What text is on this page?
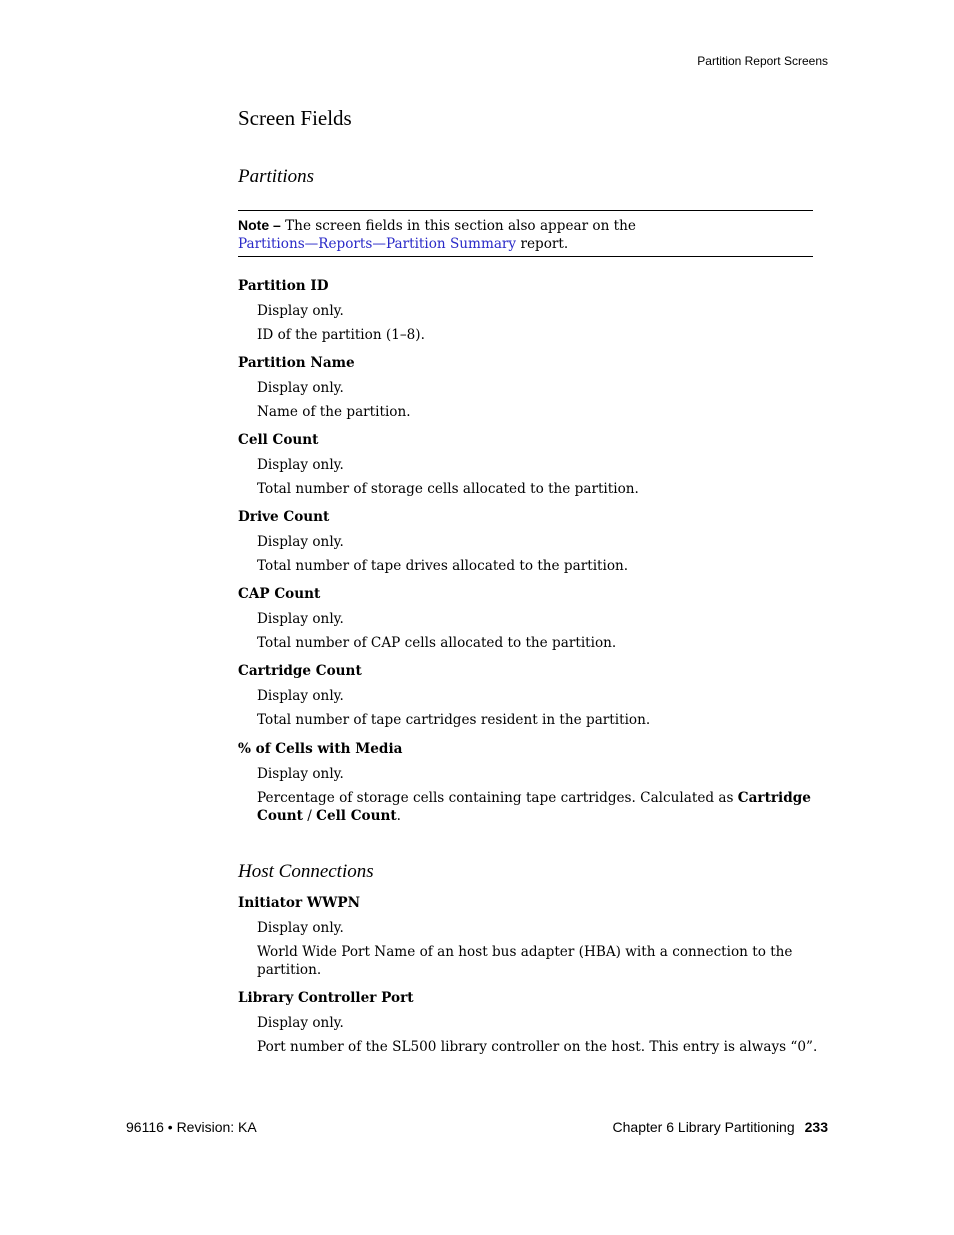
Partition Report Screens
Screen Fields
Partitions
Note – The screen fields in this section also appear on the
Partitions—Reports—Partition Summary report.
Partition ID
Display only.
ID of the partition (1–8).
Partition Name
Display only.
Name of the partition.
Cell Count
Display only.
Total number of storage cells allocated to the partition.
Drive Count
Display only.
Total number of tape drives allocated to the partition.
CAP Count
Display only.
Total number of CAP cells allocated to the partition.
Cartridge Count
Display only.
Total number of tape cartridges resident in the partition.
% of Cells with Media
Display only.
Percentage of storage cells containing tape cartridges. Calculated as Cartridge Count / Cell Count.
Host Connections
Initiator WWPN
Display only.
World Wide Port Name of an host bus adapter (HBA) with a connection to the partition.
Library Controller Port
Display only.
Port number of the SL500 library controller on the host. This entry is always “0”.
96116 • Revision: KA	Chapter 6 Library Partitioning 233
